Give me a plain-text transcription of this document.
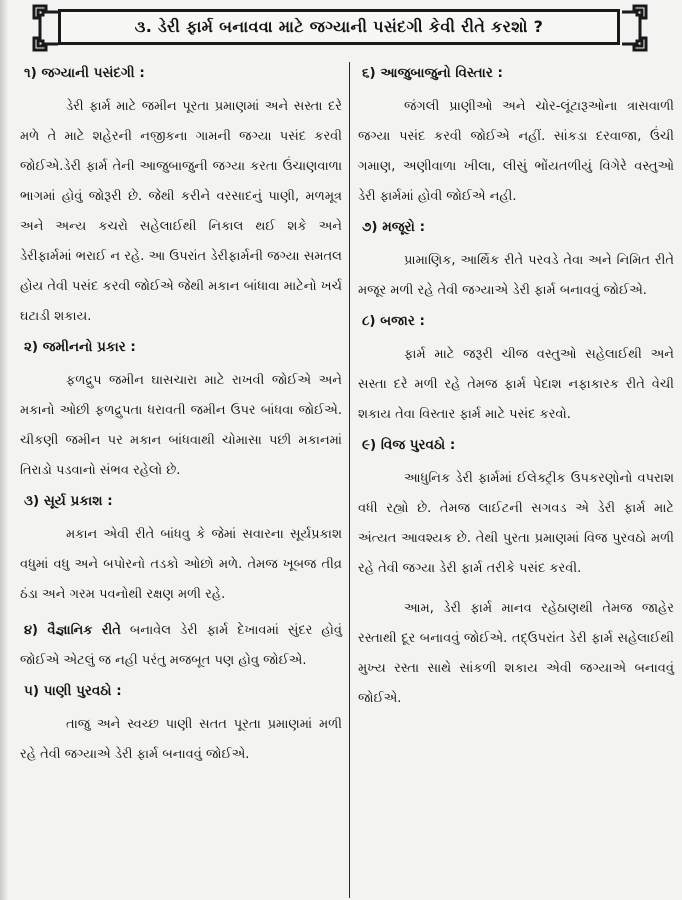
૩. ડેરી ફાર્મ બનાવવા માટે જગ્યાની પસંદગી કેવી રીતે કરશો ?
૧) જગ્યાની પસંદગી :

ડેરી ફાર્મ માટે જમીન પૂરતા પ્રમાણમાં અને સસ્તા દરે મળે તે માટે શહેરની નજીકના ગામની જગ્યા પસંદ કરવી જોઈએ.ડેરી ફાર્મ તેની આજુબાજુની જગ્યા કરતા ઉંચાણવાળા ભાગમાં હોવું જોરૂરી છે. જેથી કરીને વરસાદનું પાણી, મળમૂત્ર અને અન્ય કચરો સહેલાઈથી નિકાલ થઈ શકે અને ડેરીફાર્મમાં ભરાઈ ન રહે. આ ઉપરાંત ડેરીફાર્મની જગ્યા સમતલ હોય તેવી પસંદ કરવી જોઈએ જેથી મકાન બાંધાવા માટેનો ખર્ચ ઘટાડી શકાય.

૨) જમીનનો પ્રકાર :

ફળદ્રુપ જમીન ઘાસચારા માટે રાખવી જોઈએ અને મકાનો ઓછી ફળદ્રુપતા ધરાવતી જમીન ઉપર બાંધવા જોઈએ. ચીકણી જમીન પર મકાન બાંધવાથી ચોમાસા પછી મકાનમાં તિરાડો પડવાનો સંભવ રહેલો છે.

૩) સૂર્ય પ્રકાશ :

મકાન એવી રીતે બાંધવુ કે જેમાં સવારના સૂર્યપ્રકાશ વધુમાં વધુ અને બપોરનો તડકો ઓછો મળે. તેમજ ખૂબજ તીવ્ર ઠંડા અને ગરમ પવનોથી રક્ષણ મળી રહે.

૪) વૈજ્ઞાનિક રીતે બનાવેલ ડેરી ફાર્મ દેખાવમાં સુંદર હોવું જોઈએ એટલું જ નહી પરંતુ મજબૂત પણ હોવુ જોઈએ.

૫) પાણી પુરવઠો :

તાજુ અને સ્વચ્છ પાણી સતત પૂરતા પ્રમાણમાં મળી રહે તેવી જગ્યાએ ડેરી ફાર્મ બનાવવું જોઈએ.

૬) આજુબાજુનો વિસ્તાર :

જંગલી પ્રાણીઓ અને ચોર-લૂંટારૂઓના ત્રાસવાળી જગ્યા પસંદ કરવી જોઈએ નહીં. સાંકડા દરવાજા, ઉંચી ગમાણ, અણીવાળા ખીલા, લીસું ભોંયતળીયું વિગેરે વસ્તુઓ ડેરી ફાર્મમાં હોવી જોઈએ નહી.

૭) મજૂરો :

પ્રામાણિક, આર્થિક રીતે પરવડે તેવા અને નિમિત રીતે મજૂર મળી રહે તેવી જગ્યાએ ડેરી ફાર્મ બનાવવું જોઈએ.

૮) બજાર :

ફાર્મ માટે જરૂરી ચીજ વસ્તુઓ સહેલાઈથી અને સસ્તા દરે મળી રહે તેમજ ફાર્મ પેદાશ નફાકારક રીતે વેચી શકાય તેવા વિસ્તાર ફાર્મ માટે પસંદ કરવો.

૯) વિજ પુરવઠો :

આધુનિક ડેરી ફાર્મમાં ઈલેક્ટ્રીક ઉપકરણોનો વપરાશ વધી રહ્યો છે. તેમજ લાઈટની સગવડ એ ડેરી ફાર્મ માટે અંત્યત આવશ્યક છે. તેથી પુરતા પ્રમાણમાં વિજ પુરવઠો મળી રહે તેવી જગ્યા ડેરી ફાર્મ તરીકે પસંદ કરવી.

આમ, ડેરી ફાર્મ માનવ રહેઠાણથી તેમજ જાહેર રસ્તાથી દૂર બનાવવું જોઈએ. તદ્ઉપરાંત ડેરી ફાર્મ સહેલાઈથી મુખ્ય રસ્તા સાથે સાંકળી શકાય એવી જગ્યાએ બનાવવું જોઈએ.
